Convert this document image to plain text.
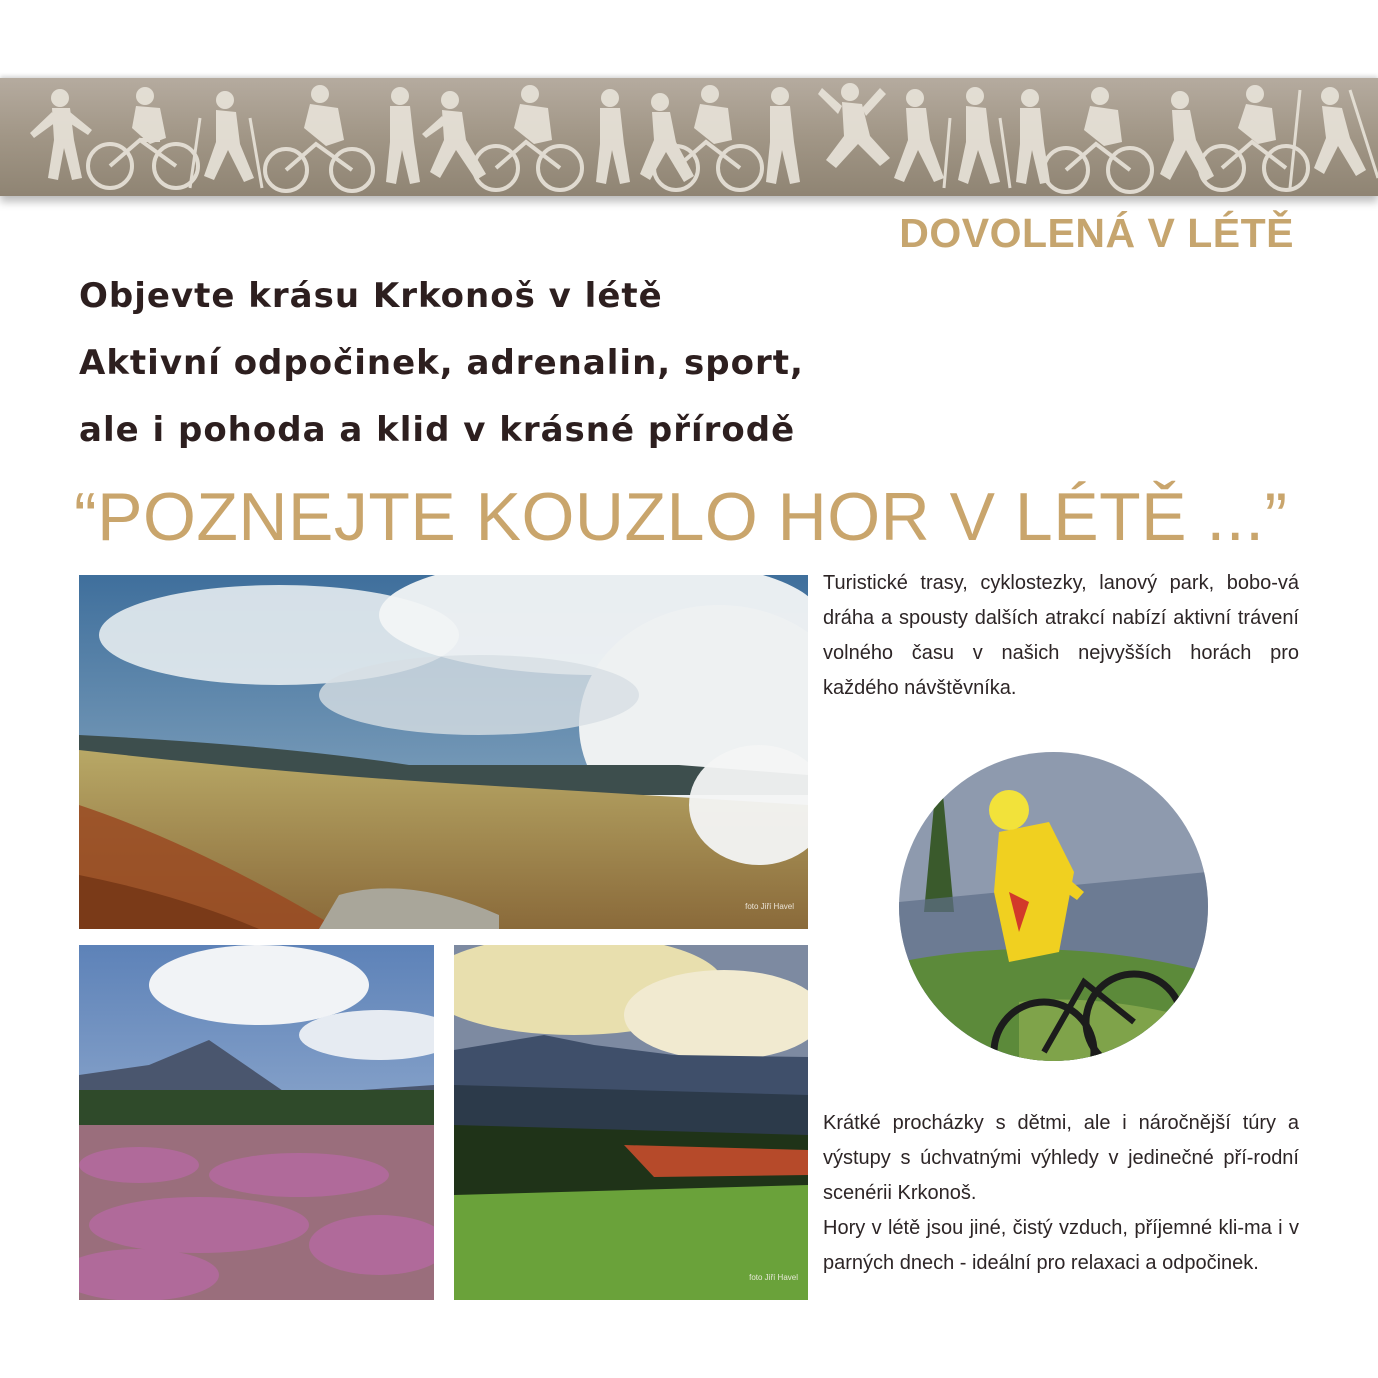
DOVOLENÁ V LÉTĚ
Objevte krásu Krkonoš v létě
Aktivní odpočinek, adrenalin, sport,
ale i pohoda a klid v krásné přírodě
“POZNEJTE KOUZLO HOR V LÉTĚ ...”
foto Jiří Havel
foto Jiří Havel

Turistické trasy, cyklostezky, lanový park, bobo-vá dráha a spousty dalších atrakcí nabízí aktivní trávení volného času v našich nejvyšších horách pro každého návštěvníka.

Krátké procházky s dětmi, ale i náročnější túry a výstupy s úchvatnými výhledy v jedinečné pří-rodní scenérii Krkonoš.

Hory v létě jsou jiné, čistý vzduch, příjemné kli-ma i v parných dnech - ideální pro relaxaci a odpočinek.
